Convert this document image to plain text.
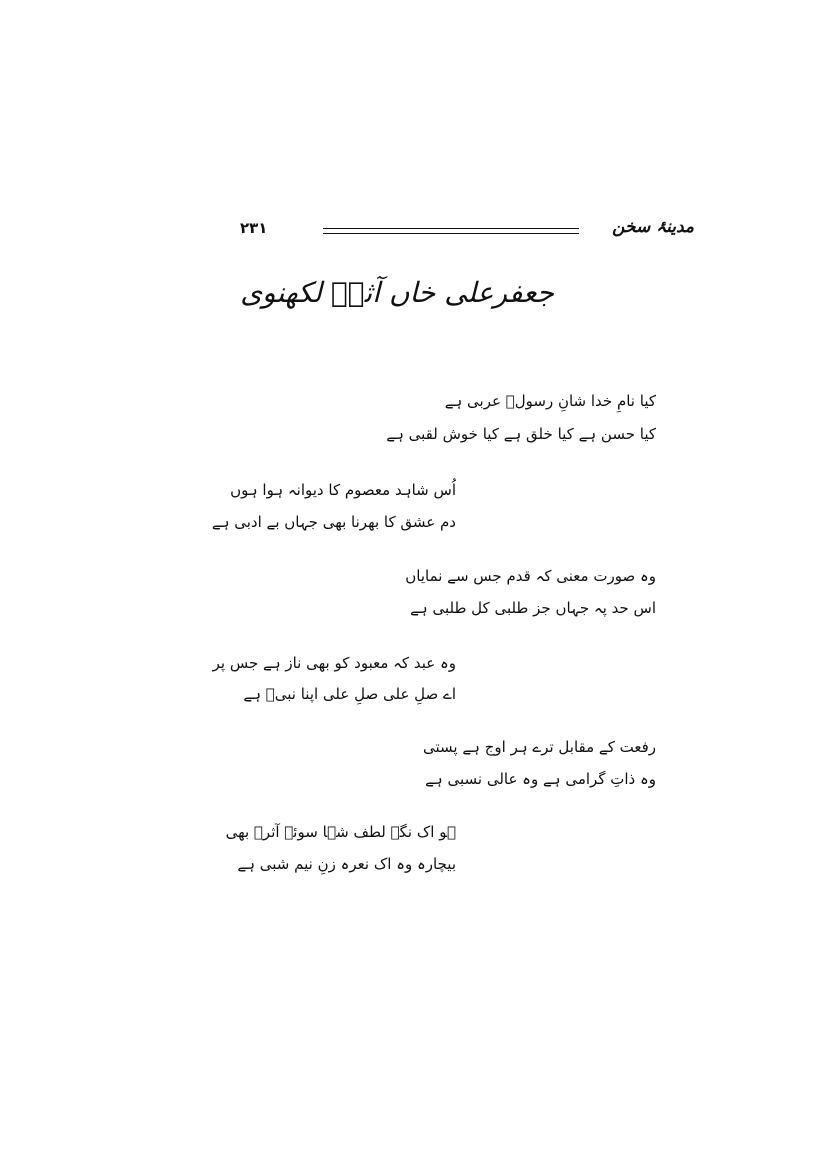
۲۳۱	مدینۂ سخن
جعفرعلی خاں آثرؔ لکھنوی
کیا نامِ خدا شانِ رسولؐ عربی ہے
کیا حسن ہے کیا خلق ہے کیا خوش لقبی ہے
اُس شاہد معصوم کا دیوانہ ہوا ہوں
دم عشق کا بھرنا بھی جہاں بے ادبی ہے
وہ صورت معنی کہ قدم جس سے نمایاں
اس حد پہ جہاں جز طلبی کل طلبی ہے
وہ عبد کہ معبود کو بھی ناز ہے جس پر
اے صلِ علی صلِ علی اپنا نبیؐ ہے
رفعت کے مقابل ترے ہر اوج ہے پستی
وہ ذاتِ گرامی ہے وہ عالی نسبی ہے
ہو اک نگہ لطف شہا سوئے آثرؔ بھی
بیچارہ وہ اک نعرہ زنِ نیم شبی ہے
